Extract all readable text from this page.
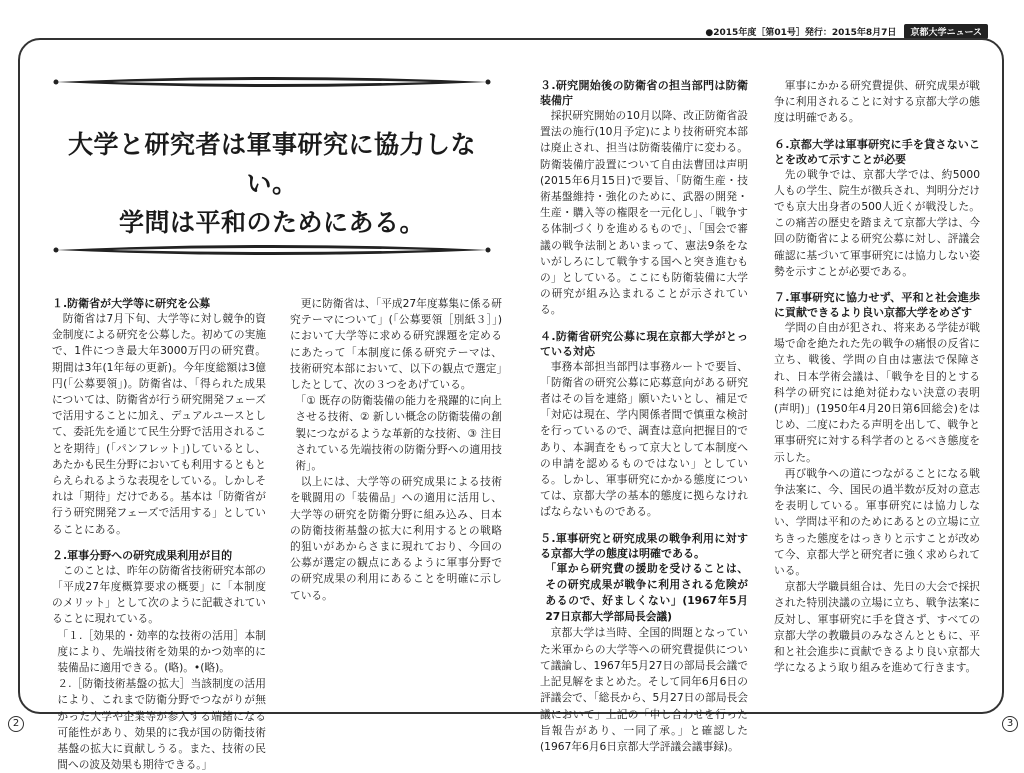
●2015年度［第01号］発行：2015年8月7日	京都大学ニュース
大学と研究者は軍事研究に協力しない。
学問は平和のためにある。
１.防衛省が大学等に研究を公募

防衛省は7月下旬、大学等に対し競争的資金制度による研究を公募した。初めての実施で、1件につき最大年3000万円の研究費。期間は3年(1年毎の更新)。今年度総額は3億円(「公募要領」)。防衛省は、「得られた成果については、防衛省が行う研究開発フェーズで活用することに加え、デュアルユースとして、委託先を通じて民生分野で活用されることを期待」(「パンフレット」)しているとし、あたかも民生分野においても利用するともとらえられるような表現をしている。しかしそれは「期待」だけである。基本は「防衛省が行う研究開発フェーズで活用する」としていることにある。

２.軍事分野への研究成果利用が目的

このことは、昨年の防衛省技術研究本部の「平成27年度概算要求の概要」に「本制度のメリット」として次のように記載されていることに現れている。

「１.［効果的・効率的な技術の活用］本制度により、先端技術を効果的かつ効率的に装備品に適用できる。(略)。•(略)。

２.［防衛技術基盤の拡大］当該制度の活用により、これまで防衛分野でつながりが無かった大学や企業等が参入する端緒になる可能性があり、効果的に我が国の防衛技術基盤の拡大に貢献しうる。また、技術の民間への波及効果も期待できる。」

更に防衛省は、「平成27年度募集に係る研究テーマについて」(「公募要領［別紙３］」)において大学等に求める研究課題を定めるにあたって「本制度に係る研究テーマは、技術研究本部において、以下の観点で選定」したとして、次の３つをあげている。

「① 既存の防衛装備の能力を飛躍的に向上させる技術、② 新しい概念の防衛装備の創製につながるような革新的な技術、③ 注目されている先端技術の防衛分野への適用技術」。

以上には、大学等の研究成果による技術を戦闘用の「装備品」への適用に活用し、大学等の研究を防衛分野に組み込み、日本の防衛技術基盤の拡大に利用するとの戦略的狙いがあからさまに現れており、今回の公募が選定の観点にあるように軍事分野での研究成果の利用にあることを明確に示している。

３.研究開始後の防衛省の担当部門は防衛装備庁

採択研究開始の10月以降、改正防衛省設置法の施行(10月予定)により技術研究本部は廃止され、担当は防衛装備庁に変わる。防衛装備庁設置について自由法曹団は声明(2015年6月15日)で要旨、「防衛生産・技術基盤維持・強化のために、武器の開発・生産・購入等の権限を一元化し」、「戦争する体制づくりを進めるもので」、「国会で審議の戦争法制とあいまって、憲法9条をないがしろにして戦争する国へと突き進むもの」としている。ここにも防衛装備に大学の研究が組み込まれることが示されている。

４.防衛省研究公募に現在京都大学がとっている対応

事務本部担当部門は事務ルートで要旨、「防衛省の研究公募に応募意向がある研究者はその旨を連絡」願いたいとし、補足で「対応は現在、学内関係者間で慎重な検討を行っているので、調査は意向把握目的であり、本調査をもって京大として本制度への申請を認めるものではない」としている。しかし、軍事研究にかかる態度については、京都大学の基本的態度に拠らなければならないものである。

５.軍事研究と研究成果の戦争利用に対する京都大学の態度は明確である。

「軍から研究費の援助を受けることは、その研究成果が戦争に利用される危険があるので、好ましくない」(1967年5月27日京都大学部局長会議)

京都大学は当時、全国的問題となっていた米軍からの大学等への研究費提供について議論し、1967年5月27日の部局長会議で上記見解をまとめた。そして同年6月6日の評議会で、「総長から、5月27日の部局長会議において」上記の「申し合わせを行った旨報告があり、一同了承。」と確認した(1967年6月6日京都大学評議会議事録)。

軍事にかかる研究費提供、研究成果が戦争に利用されることに対する京都大学の態度は明確である。

６.京都大学は軍事研究に手を貸さないことを改めて示すことが必要

先の戦争では、京都大学では、約5000人もの学生、院生が徴兵され、判明分だけでも京大出身者の500人近くが戦没した。この痛苦の歴史を踏まえて京都大学は、今回の防衛省による研究公募に対し、評議会確認に基づいて軍事研究には協力しない姿勢を示すことが必要である。

７.軍事研究に協力せず、平和と社会進歩に貢献できるより良い京都大学をめざす

学問の自由が犯され、将来ある学徒が戦場で命を絶たれた先の戦争の痛恨の反省に立ち、戦後、学問の自由は憲法で保障され、日本学術会議は、「戦争を目的とする科学の研究には絶対従わない決意の表明(声明)」(1950年4月20日第6回総会)をはじめ、二度にわたる声明を出して、戦争と軍事研究に対する科学者のとるべき態度を示した。

再び戦争への道につながることになる戦争法案に、今、国民の過半数が反対の意志を表明している。軍事研究には協力しない、学問は平和のためにあるとの立場に立ちきった態度をはっきりと示すことが改めて今、京都大学と研究者に強く求められている。

京都大学職員組合は、先日の大会で採択された特別決議の立場に立ち、戦争法案に反対し、軍事研究に手を貸さず、すべての京都大学の教職員のみなさんとともに、平和と社会進歩に貢献できるより良い京都大学になるよう取り組みを進めて行きます。

2	3
